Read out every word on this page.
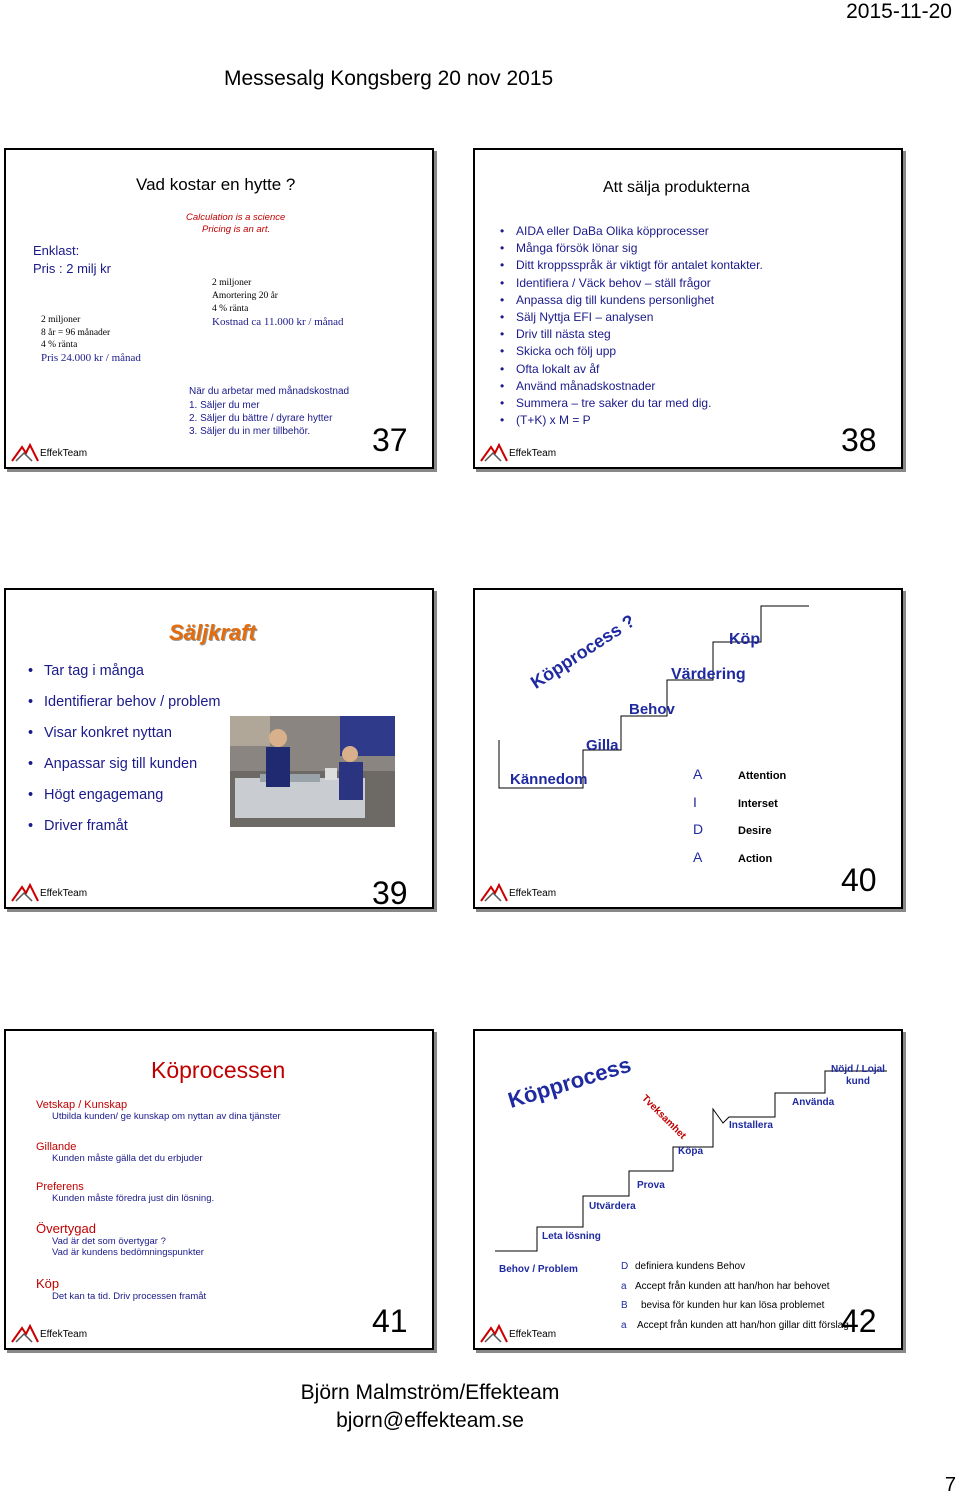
2015-11-20
Messesalg Kongsberg 20 nov 2015
Vad kostar en hytte ?
Enklast:
Pris : 2 milj kr
2 miljoner
8 år = 96 månader
4 % ränta
Pris 24.000 kr / månad
Calculation is a science
Pricing is an art.
2 miljoner
Amortering 20 år
4 % ränta
Kostnad ca 11.000 kr / månad
När du arbetar med månadskostnad
1. Säljer du mer
2. Säljer du bättre / dyrare hytter
3. Säljer du in mer tillbehör.	37
EffekTeam
Att sälja produkterna
• AIDA eller DaBa Olika köpprocesser
• Många försök lönar sig
• Ditt kroppsspråk är viktigt för antalet kontakter.
• Identifiera / Väck behov – ställ frågor
• Anpassa dig till kundens personlighet
• Sälj Nyttja EFI – analysen
• Driv till nästa steg
• Skicka och följ upp
• Ofta lokalt av åf
• Använd månadskostnader
• Summera – tre saker du tar med dig.
• (T+K) x M = P
38
EffekTeam
Säljkraft
• Tar tag i många
• Identifierar behov / problem
• Visar konkret nyttan
• Anpassar sig till kunden
• Högt engagemang
• Driver framåt
39
EffekTeam
Köpprocess ?
Kännedom
Gilla
Behov
Värdering
Köp
A	Attention
I	Interset
D	Desire
A	Action
40
EffekTeam
Köprocessen
Vetskap / Kunskap
Utbilda kunden/ ge kunskap om nyttan av dina tjänster
Gillande
Kunden måste gälla det du erbjuder
Preferens
Kunden måste föredra just din lösning.
Övertygad
Vad är det som övertygar ?
Vad är kundens bedömningspunkter
Köp
Det kan ta tid. Driv processen framåt
41
EffekTeam
Köpprocess
Behov / Problem
Leta lösning
Utvärdera
Prova
Köpa
Tveksamhet	Installera
Använda
Nöjd / Lojal kund
D definiera kundens Behov
a Accept från kunden att han/hon har behovet
B bevisa för kunden hur kan lösa problemet
a Accept från kunden att han/hon gillar ditt förslag
42
EffekTeam
Björn Malmström/Effekteam
bjorn@effekteam.se
7
